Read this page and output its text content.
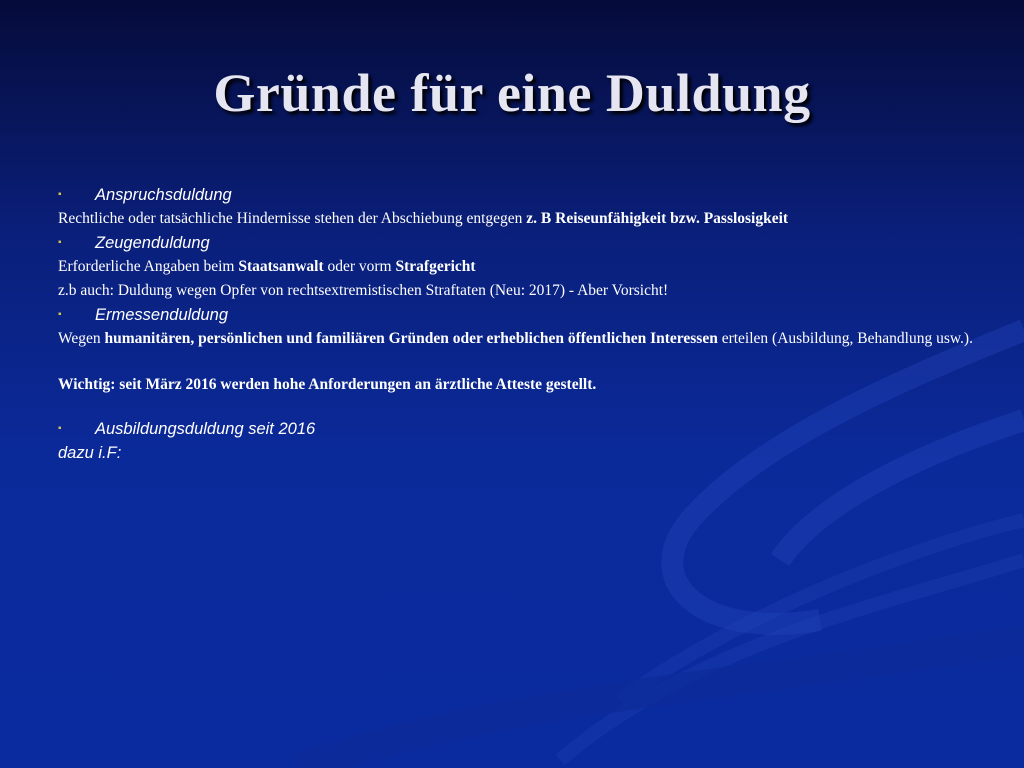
Gründe für eine Duldung
▪ Anspruchsduldung
Rechtliche oder tatsächliche Hindernisse stehen der Abschiebung entgegen z. B Reiseunfähigkeit bzw. Passlosigkeit
▪ Zeugenduldung
Erforderliche Angaben beim Staatsanwalt oder vorm Strafgericht
z.b auch: Duldung wegen Opfer von rechtsextremistischen Straftaten (Neu: 2017) - Aber Vorsicht!
▪ Ermessenduldung
Wegen humanitären, persönlichen und familiären Gründen oder erheblichen öffentlichen Interessen erteilen (Ausbildung, Behandlung usw.).
Wichtig: seit März 2016 werden hohe Anforderungen an ärztliche Atteste gestellt.
▪ Ausbildungsduldung seit 2016
dazu i.F:
